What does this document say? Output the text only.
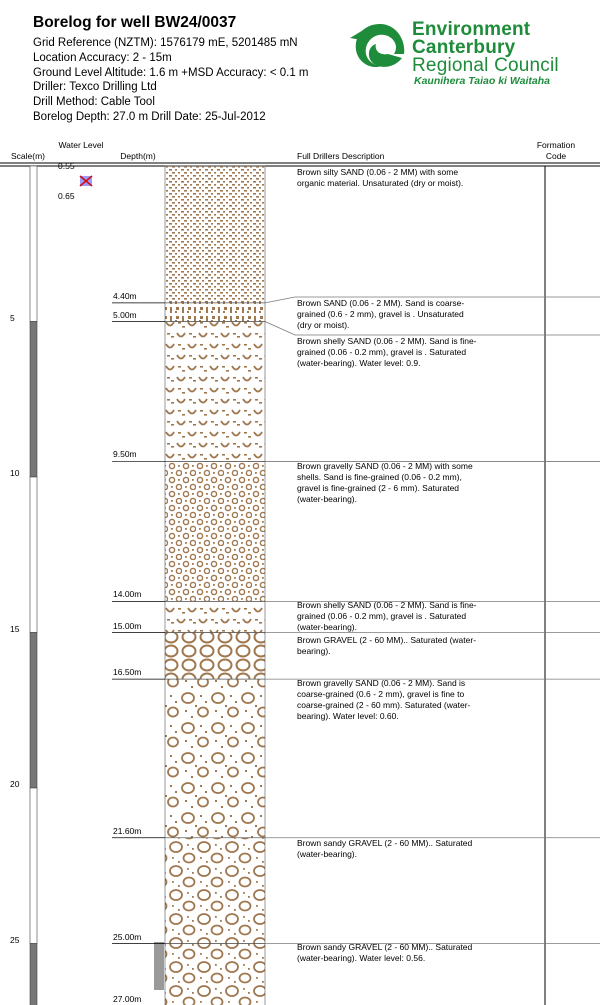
Borelog for well BW24/0037
Grid Reference (NZTM): 1576179 mE, 5201485 mN
Location Accuracy: 2 - 15m
Ground Level Altitude: 1.6 m +MSD Accuracy: < 0.1 m
Driller: Texco Drilling Ltd
Drill Method: Cable Tool
Borelog Depth: 27.0 m Drill Date: 25-Jul-2012
Environment
Canterbury
Regional Council
Kaunihera Taiao ki Waitaha
Scale(m)
Water Level
Depth(m)	Full Drillers Description
Formation Code
0.55
0.65
Brown silty SAND (0.06 - 2 MM) with some organic material. Unsaturated (dry or moist).
Brown SAND (0.06 - 2 MM). Sand is coarse-grained (0.6 - 2 mm), gravel is . Unsaturated (dry or moist).
Brown shelly SAND (0.06 - 2 MM). Sand is fine-grained (0.06 - 0.2 mm), gravel is . Saturated (water-bearing). Water level: 0.9.
Brown gravelly SAND (0.06 - 2 MM) with some shells. Sand is fine-grained (0.06 - 0.2 mm), gravel is fine-grained (2 - 6 mm). Saturated (water-bearing).
Brown shelly SAND (0.06 - 2 MM). Sand is fine-grained (0.06 - 0.2 mm), gravel is . Saturated (water-bearing).
Brown GRAVEL (2 - 60 MM).. Saturated (water-bearing).
Brown gravelly SAND (0.06 - 2 MM). Sand is coarse-grained (0.6 - 2 mm), gravel is fine to coarse-grained (2 - 60 mm). Saturated (water-bearing). Water level: 0.60.
Brown sandy GRAVEL (2 - 60 MM).. Saturated (water-bearing).
Brown sandy GRAVEL (2 - 60 MM).. Saturated (water-bearing). Water level: 0.56.
4.40m
5.00m
9.50m
14.00m
15.00m
16.50m
21.60m
25.00m
27.00m
5
10
15
20
25
